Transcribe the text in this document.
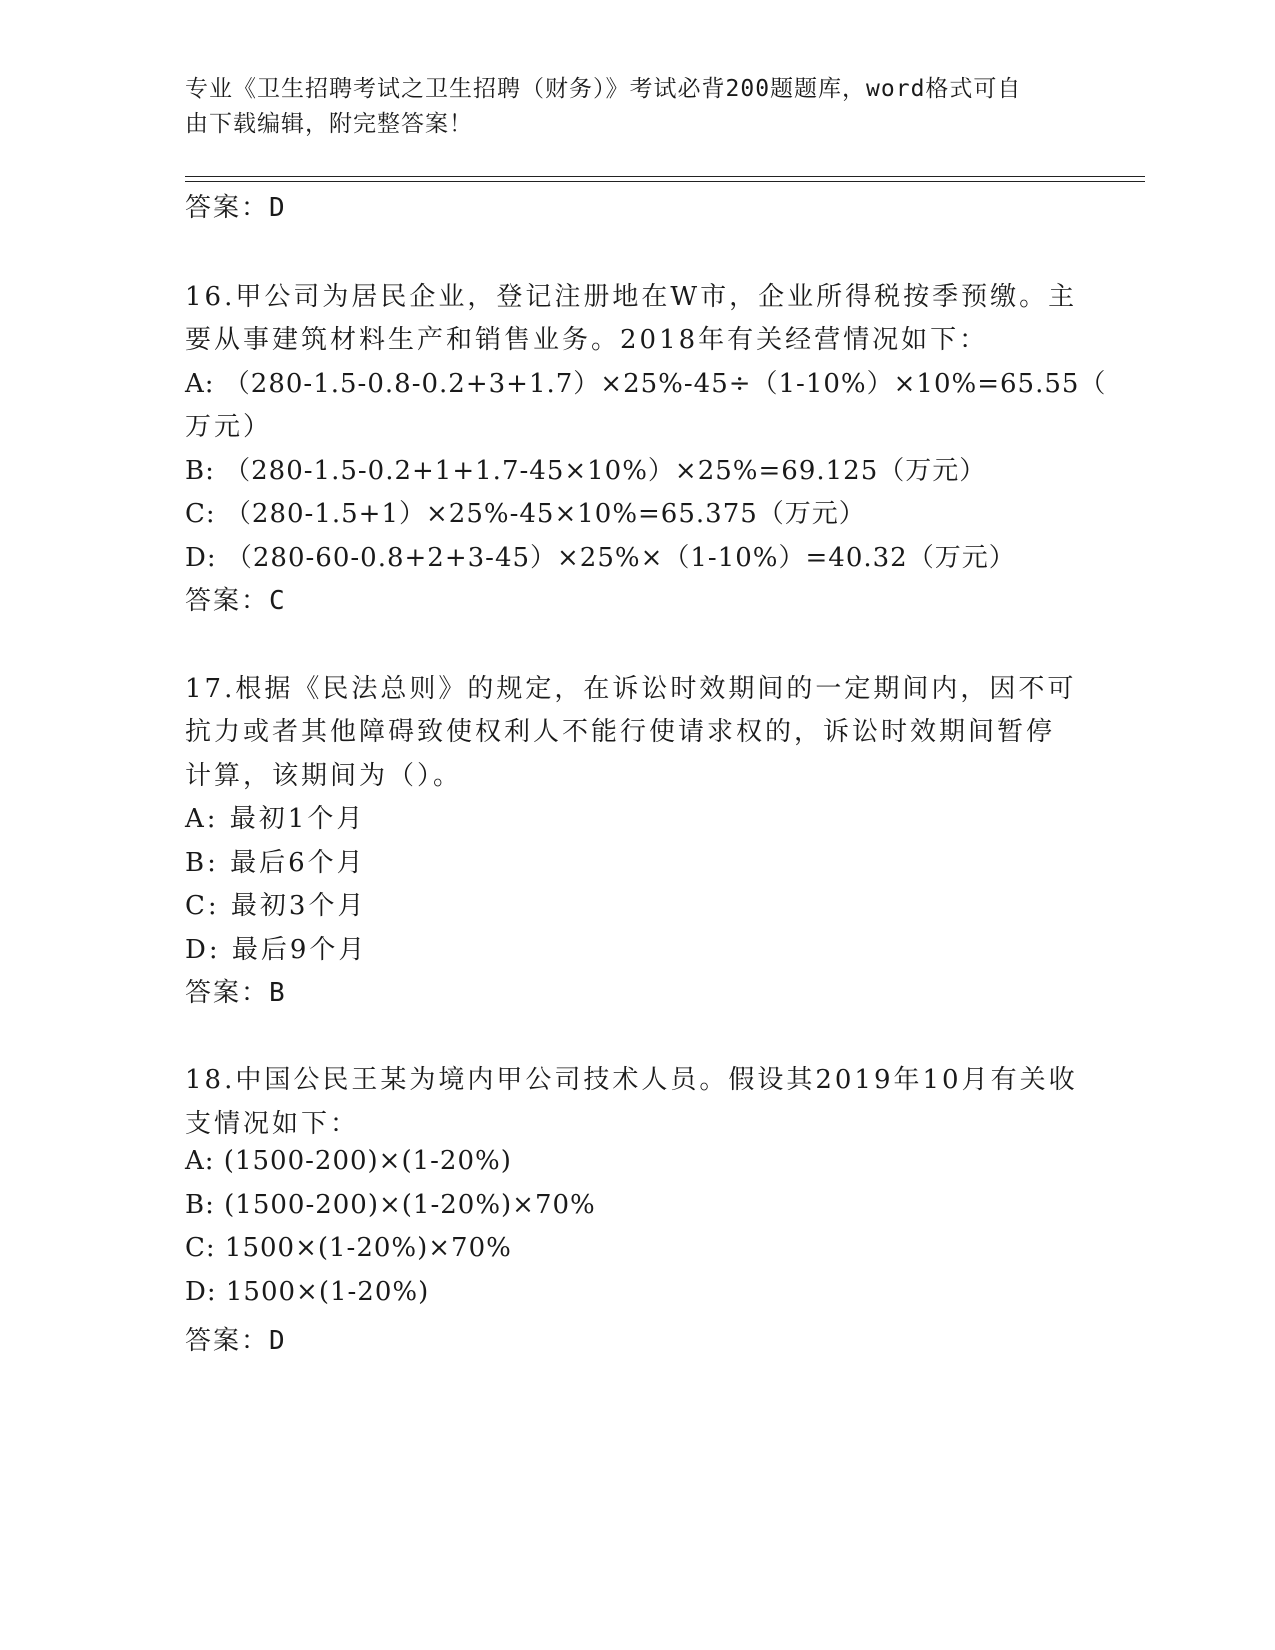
专业《卫生招聘考试之卫生招聘（财务）》考试必背200题题库，word格式可自
由下载编辑，附完整答案！
答案：D
16.甲公司为居民企业，登记注册地在W市，企业所得税按季预缴。主
要从事建筑材料生产和销售业务。2018年有关经营情况如下：
A: （280-1.5-0.8-0.2+3+1.7）×25%-45÷（1-10%）×10%=65.55（
万元）
B: （280-1.5-0.2+1+1.7-45×10%）×25%=69.125（万元）
C: （280-1.5+1）×25%-45×10%=65.375（万元）
D: （280-60-0.8+2+3-45）×25%×（1-10%）=40.32（万元）
答案：C
17.根据《民法总则》的规定，在诉讼时效期间的一定期间内，因不可
抗力或者其他障碍致使权利人不能行使请求权的，诉讼时效期间暂停
计算，该期间为（）。
A: 最初1个月
B: 最后6个月
C: 最初3个月
D: 最后9个月
答案：B
18.中国公民王某为境内甲公司技术人员。假设其2019年10月有关收
支情况如下：
A: (1500-200)×(1-20%)
B: (1500-200)×(1-20%)×70%
C: 1500×(1-20%)×70%
D: 1500×(1-20%)
答案：D
